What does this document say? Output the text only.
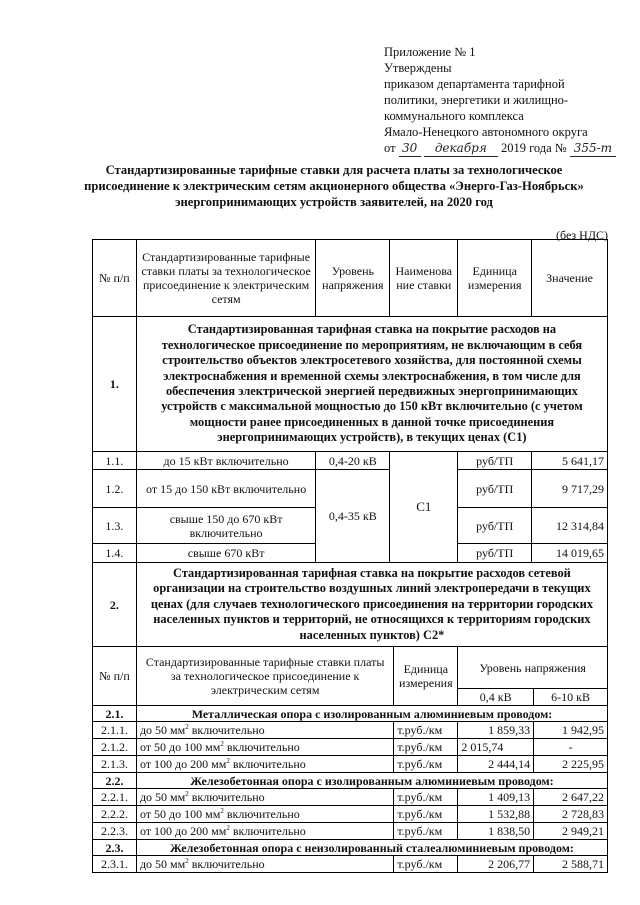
Приложение № 1
Утверждены
приказом департамента тарифной
политики, энергетики и жилищно-
коммунального комплекса
Ямало-Ненецкого автономного округа
от 30 декабря 2019 года № 355-т
Стандартизированные тарифные ставки для расчета платы за технологическое присоединение к электрическим сетям акционерного общества «Энерго-Газ-Ноябрьск» энергопринимающих устройств заявителей, на 2020 год
(без НДС)
№ п/п	Стандартизированные тарифные ставки платы за технологическое присоединение к электрическим сетям	Уровень напряжения	Наименова ние ставки	Единица измерения	Значение
1.	Стандартизированная тарифная ставка на покрытие расходов на технологическое присоединение по мероприятиям, не включающим в себя строительство объектов электросетевого хозяйства, для постоянной схемы электроснабжения и временной схемы электроснабжения, в том числе для обеспечения электрической энергией передвижных энергопринимающих устройств с максимальной мощностью до 150 кВт включительно (с учетом мощности ранее присоединенных в данной точке присоединения энергопринимающих устройств), в текущих ценах (С1)				
1.1.	до 15 кВт включительно	0,4-20 кВ	С1	руб/ТП	5 641,17
1.2.	от 15 до 150 кВт включительно	0,4-35 кВ		руб/ТП	9 717,29
1.3.	свыше 150 до 670 кВт включительно			руб/ТП	12 314,84
1.4.	свыше 670 кВт			руб/ТП	14 019,65
2.	Стандартизированная тарифная ставка на покрытие расходов сетевой организации на строительство воздушных линий электропередачи в текущих ценах (для случаев технологического присоединения на территории городских населенных пунктов и территорий, не относящихся к территориям городских населенных пунктов) С2*				
№ п/п	Стандартизированные тарифные ставки платы за технологическое присоединение к электрическим сетям	Единица измерения	Уровень напряжения	
			0,4 кВ	6-10 кВ
2.1.	Металлическая опора с изолированным алюминиевым проводом:			
2.1.1.	до 50 $мм^2$ включительно	т.руб./км	1 859,33	1 942,95
2.1.2.	от 50 до 100 $мм^2$ включительно	т.руб./км	2 015,74	-
2.1.3.	от 100 до 200 $мм^2$ включительно	т.руб./км	2 444,14	2 225,95
2.2.	Железобетонная опора с изолированным алюминиевым проводом:			
2.2.1.	до 50 $мм^2$ включительно	т.руб./км	1 409,13	2 647,22
2.2.2.	от 50 до 100 $мм^2$ включительно	т.руб./км	1 532,88	2 728,83
2.2.3.	от 100 до 200 $мм^2$ включительно	т.руб./км	1 838,50	2 949,21
2.3.	Железобетонная опора с неизолированный сталеалюминиевым проводом:			
2.3.1.	до 50 $мм^2$ включительно	т.руб./км	2 206,77	2 588,71
